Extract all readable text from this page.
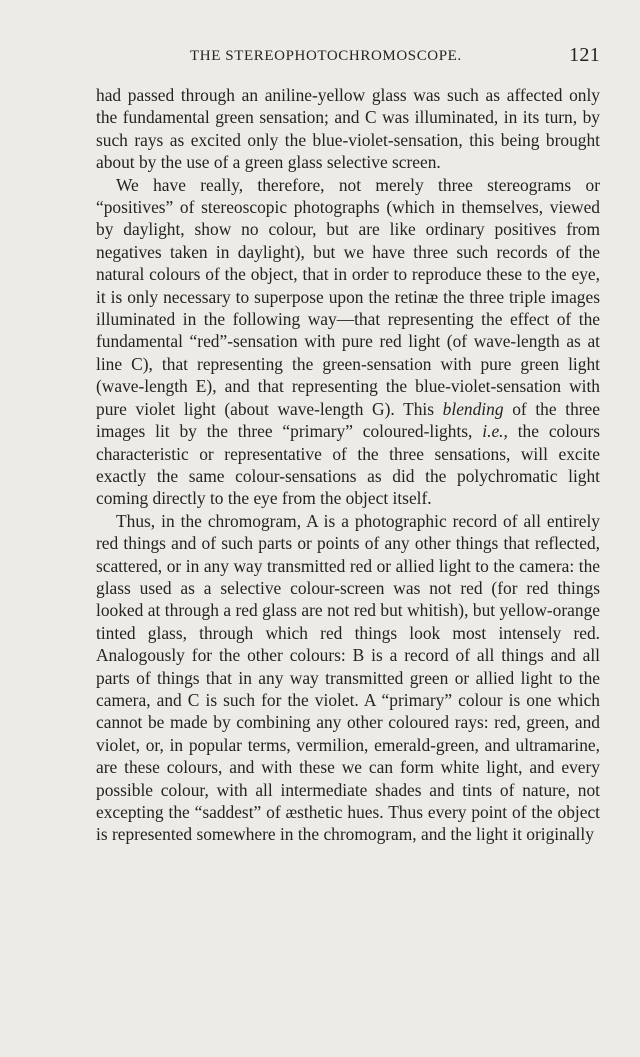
THE STEREOPHOTOCHROMOSCOPE.	121

had passed through an aniline-yellow glass was such as affected only the fundamental green sensation; and C was illuminated, in its turn, by such rays as excited only the blue-violet-sensation, this being brought about by the use of a green glass selective screen.

We have really, therefore, not merely three stereograms or “positives” of stereoscopic photographs (which in themselves, viewed by daylight, show no colour, but are like ordinary positives from negatives taken in daylight), but we have three such records of the natural colours of the object, that in order to reproduce these to the eye, it is only necessary to superpose upon the retinæ the three triple images illuminated in the following way—that representing the effect of the fundamental “red”-sensation with pure red light (of wave-length as at line C), that representing the green-sensation with pure green light (wave-length E), and that representing the blue-violet-sensation with pure violet light (about wave-length G). This blending of the three images lit by the three “primary” coloured-lights, i.e., the colours characteristic or representative of the three sensations, will excite exactly the same colour-sensations as did the polychromatic light coming directly to the eye from the object itself.

Thus, in the chromogram, A is a photographic record of all entirely red things and of such parts or points of any other things that reflected, scattered, or in any way transmitted red or allied light to the camera: the glass used as a selective colour-screen was not red (for red things looked at through a red glass are not red but whitish), but yellow-orange tinted glass, through which red things look most intensely red. Analogously for the other colours: B is a record of all things and all parts of things that in any way transmitted green or allied light to the camera, and C is such for the violet. A “primary” colour is one which cannot be made by combining any other coloured rays: red, green, and violet, or, in popular terms, vermilion, emerald-green, and ultramarine, are these colours, and with these we can form white light, and every possible colour, with all intermediate shades and tints of nature, not excepting the “saddest” of æsthetic hues. Thus every point of the object is represented somewhere in the chromogram, and the light it originally
